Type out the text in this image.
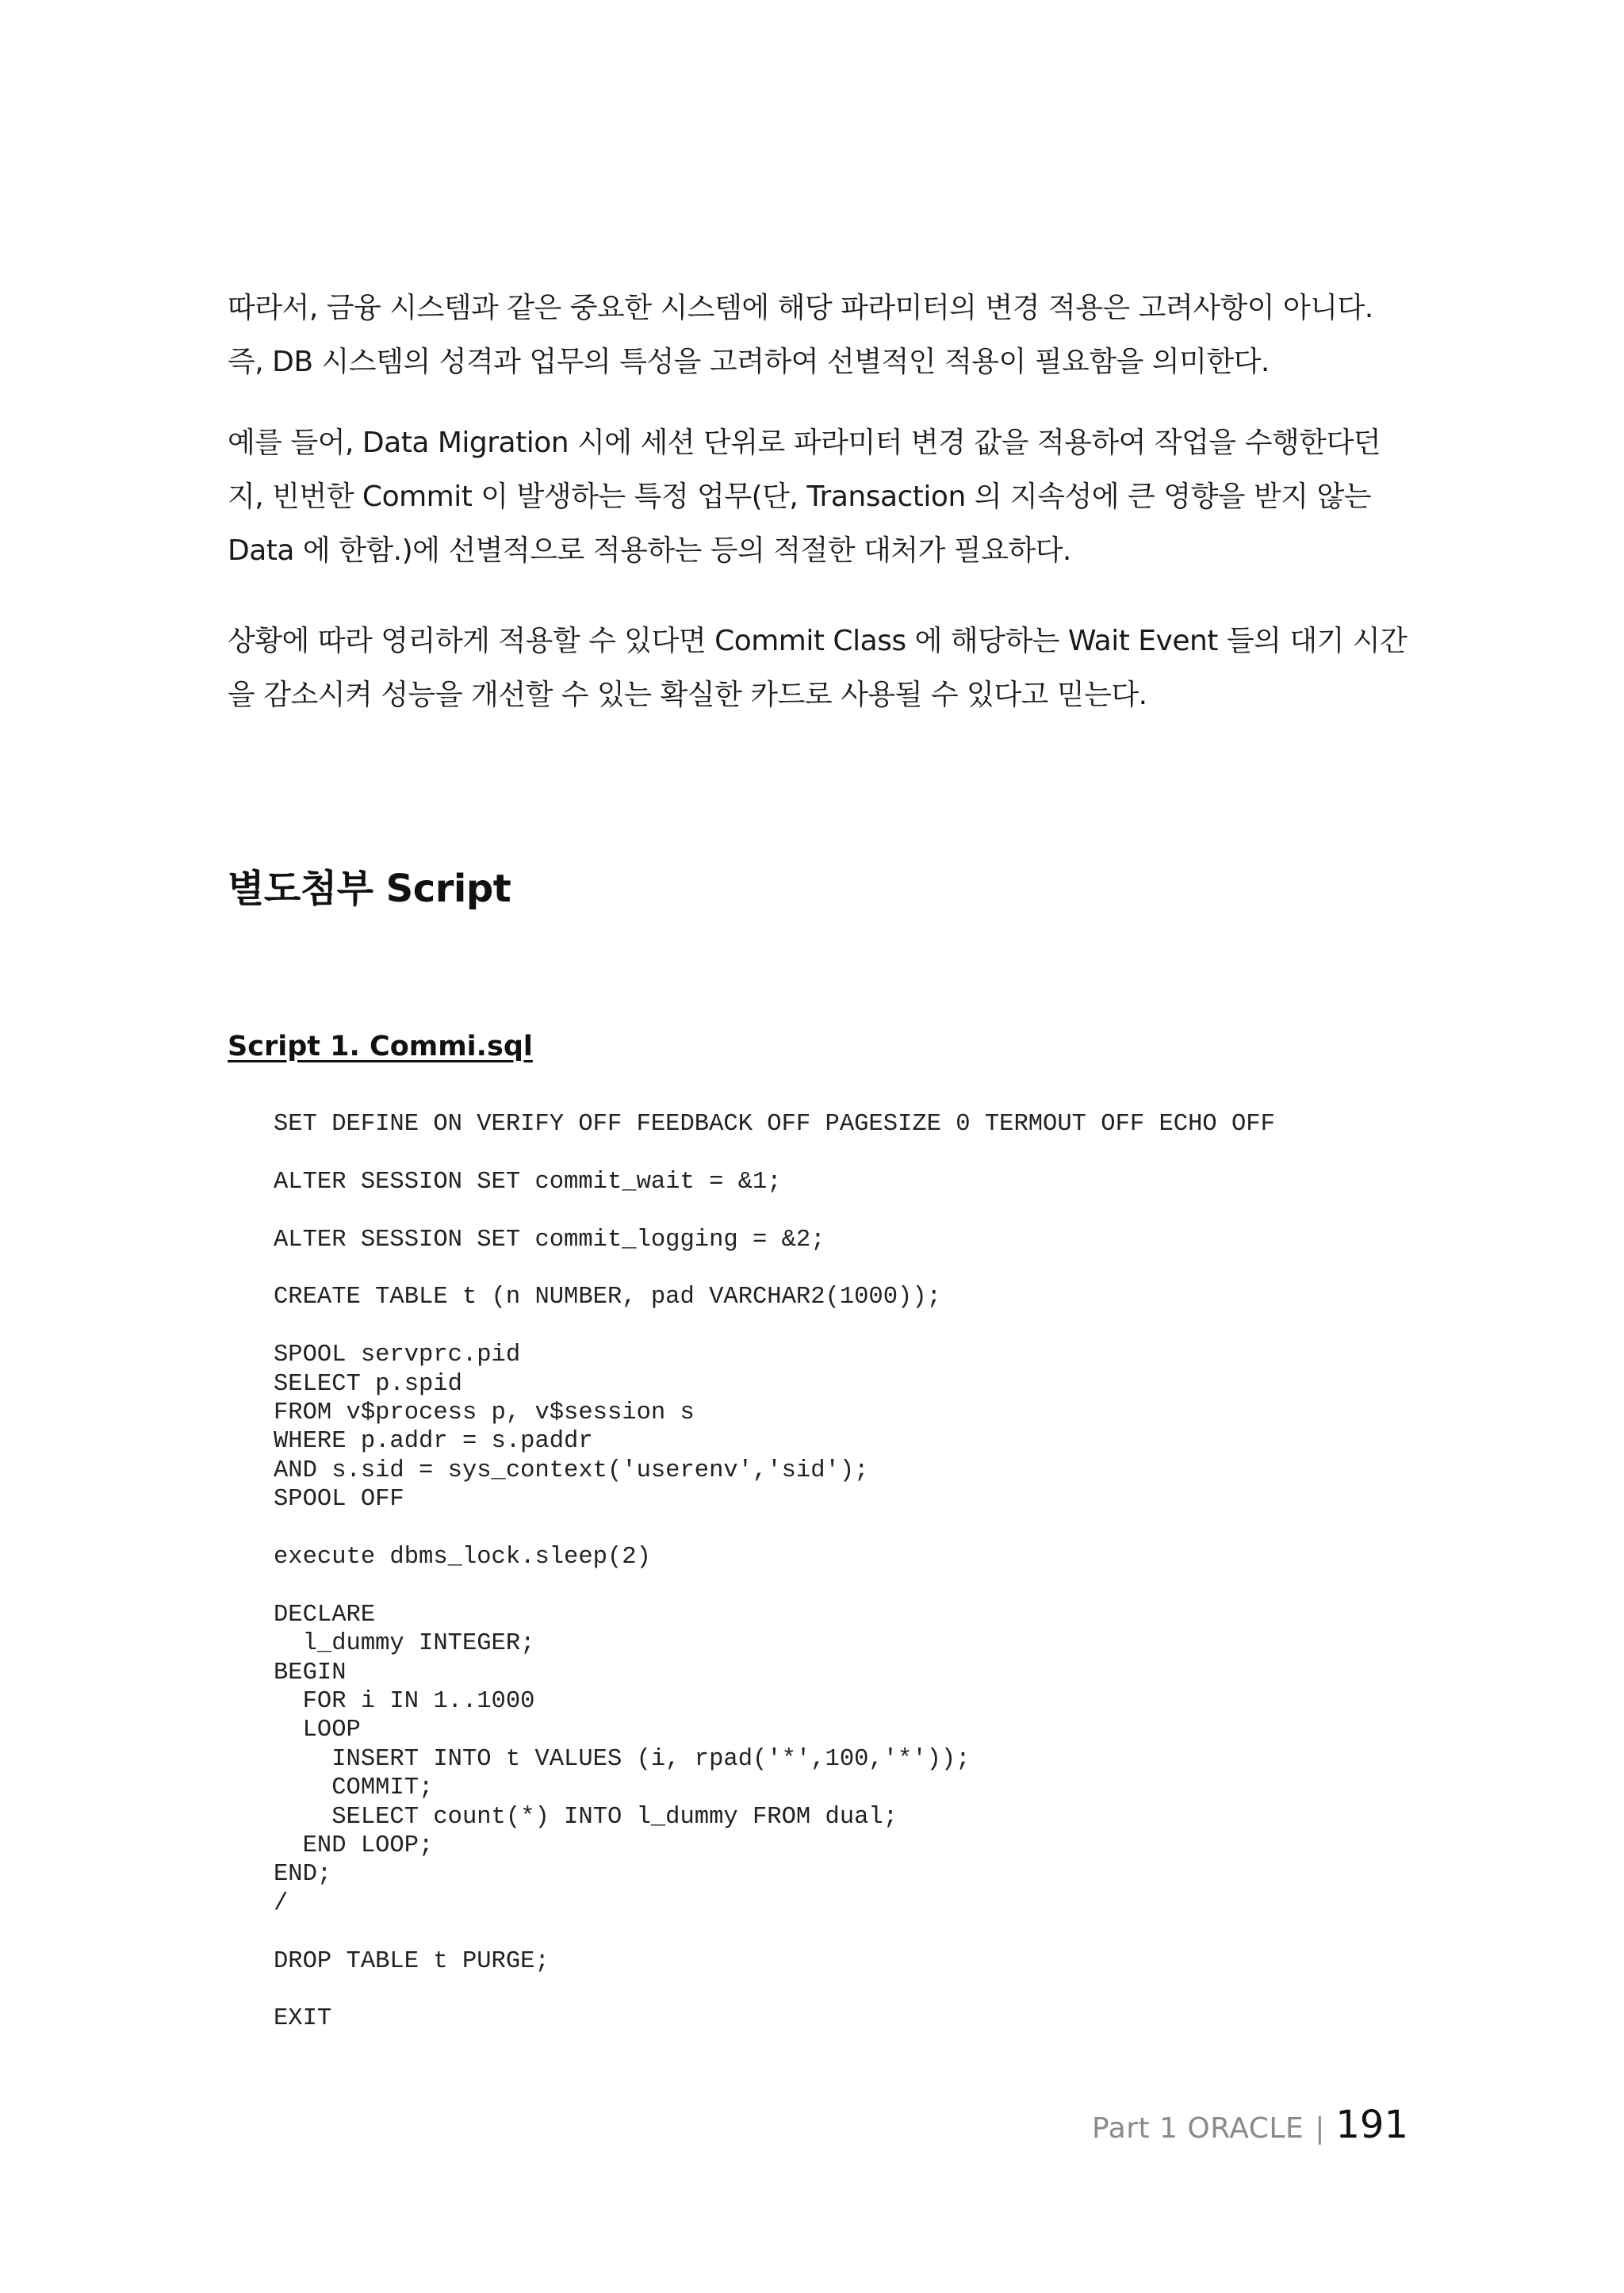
따라서, 금융 시스템과 같은 중요한 시스템에 해당 파라미터의 변경 적용은 고려사항이 아니다.
즉, DB 시스템의 성격과 업무의 특성을 고려하여 선별적인 적용이 필요함을 의미한다.

예를 들어, Data Migration 시에 세션 단위로 파라미터 변경 값을 적용하여 작업을 수행한다던
지, 빈번한 Commit 이 발생하는 특정 업무(단, Transaction 의 지속성에 큰 영향을 받지 않는
Data 에 한함.)에 선별적으로 적용하는 등의 적절한 대처가 필요하다.

상황에 따라 영리하게 적용할 수 있다면 Commit Class 에 해당하는 Wait Event 들의 대기 시간
을 감소시켜 성능을 개선할 수 있는 확실한 카드로 사용될 수 있다고 믿는다.

별도첨부 Script
Script 1. Commi.sql
SET DEFINE ON VERIFY OFF FEEDBACK OFF PAGESIZE 0 TERMOUT OFF ECHO OFF
ALTER SESSION SET commit_wait = &1;
ALTER SESSION SET commit_logging = &2;
CREATE TABLE t (n NUMBER, pad VARCHAR2(1000));
SPOOL servprc.pid
SELECT p.spid
FROM v$process p, v$session s
WHERE p.addr = s.paddr
AND s.sid = sys_context('userenv','sid');
SPOOL OFF
execute dbms_lock.sleep(2)
DECLARE
l_dummy INTEGER;
BEGIN
FOR i IN 1..1000
LOOP
INSERT INTO t VALUES (i, rpad('*',100,'*'));
COMMIT;
SELECT count(*) INTO l_dummy FROM dual;
END LOOP;
END;
/
DROP TABLE t PURGE;
EXIT
Part 1 ORACLE | 191
